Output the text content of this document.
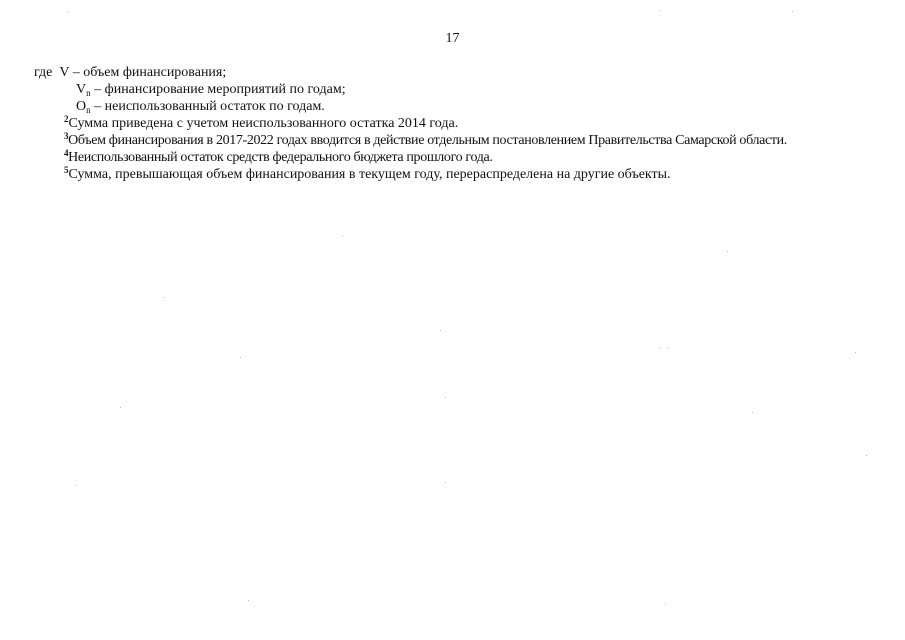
17
где V – объем финансирования;
$V_n$ – финансирование мероприятий по годам;
$O_n$ – неиспользованный остаток по годам.
$^2$Сумма приведена с учетом неиспользованного остатка 2014 года.
$^3$Объем финансирования в 2017-2022 годах вводится в действие отдельным постановлением Правительства Самарской области.
$^4$Неиспользованный остаток средств федерального бюджета прошлого года.
$^5$Сумма, превышающая объем финансирования в текущем году, перераспределена на другие объекты.
